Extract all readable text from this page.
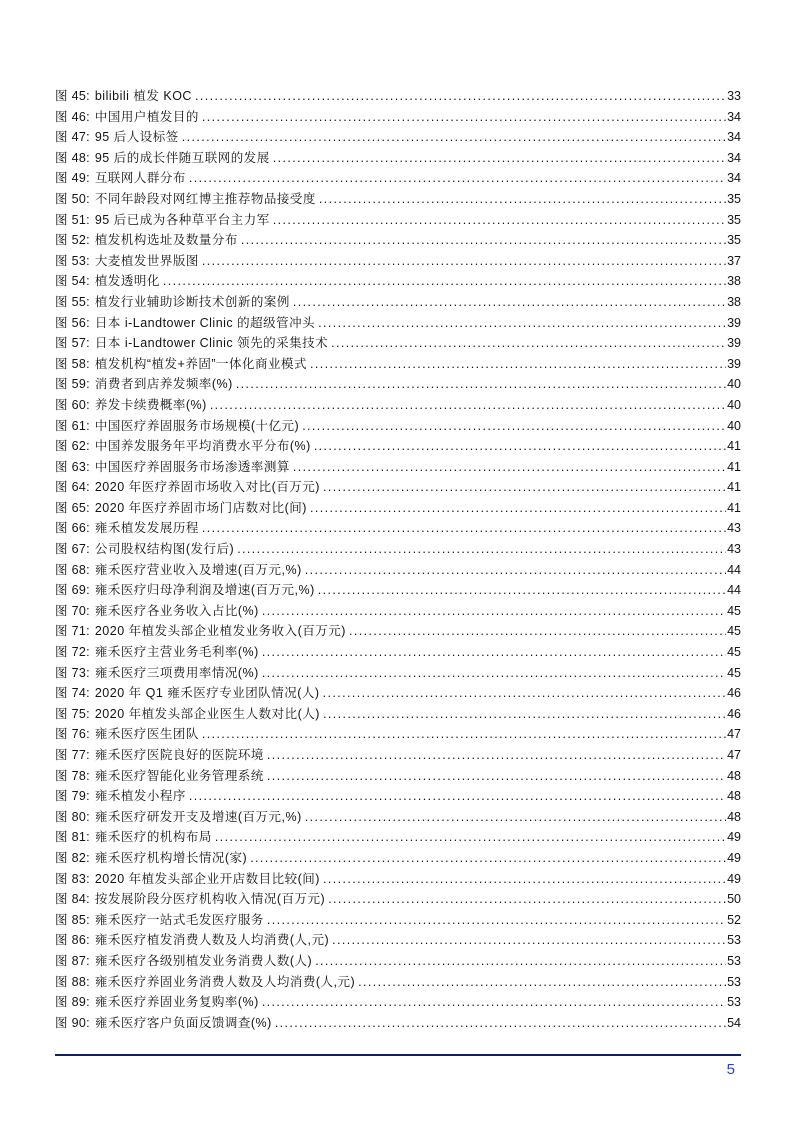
图 45: bilibili 植发 KOC .....	33
图 46: 中国用户植发目的 .....	34
图 47: 95 后人设标签 .....	34
图 48: 95 后的成长伴随互联网的发展 .....	34
图 49: 互联网人群分布 .....	34
图 50: 不同年龄段对网红博主推荐物品接受度 .....	35
图 51: 95 后已成为各种草平台主力军 .....	35
图 52: 植发机构选址及数量分布 .....	35
图 53: 大麦植发世界版图 .....	37
图 54: 植发透明化 .....	38
图 55: 植发行业辅助诊断技术创新的案例 .....	38
图 56: 日本 i-Landtower Clinic 的超级管冲头 .....	39
图 57: 日本 i-Landtower Clinic 领先的采集技术 .....	39
图 58: 植发机构“植发+养固”一体化商业模式 .....	39
图 59: 消费者到店养发频率(%) .....	40
图 60: 养发卡续费概率(%) .....	40
图 61: 中国医疗养固服务市场规模(十亿元) .....	40
图 62: 中国养发服务年平均消费水平分布(%) .....	41
图 63: 中国医疗养固服务市场渗透率测算 .....	41
图 64: 2020 年医疗养固市场收入对比(百万元) .....	41
图 65: 2020 年医疗养固市场门店数对比(间) .....	41
图 66: 雍禾植发发展历程 .....	43
图 67: 公司股权结构图(发行后) .....	43
图 68: 雍禾医疗营业收入及增速(百万元,%) .....	44
图 69: 雍禾医疗归母净利润及增速(百万元,%) .....	44
图 70: 雍禾医疗各业务收入占比(%) .....	45
图 71: 2020 年植发头部企业植发业务收入(百万元) .....	45
图 72: 雍禾医疗主营业务毛利率(%) .....	45
图 73: 雍禾医疗三项费用率情况(%) .....	45
图 74: 2020 年 Q1 雍禾医疗专业团队情况(人) .....	46
图 75: 2020 年植发头部企业医生人数对比(人) .....	46
图 76: 雍禾医疗医生团队 .....	47
图 77: 雍禾医疗医院良好的医院环境 .....	47
图 78: 雍禾医疗智能化业务管理系统 .....	48
图 79: 雍禾植发小程序 .....	48
图 80: 雍禾医疗研发开支及增速(百万元,%) .....	48
图 81: 雍禾医疗的机构布局 .....	49
图 82: 雍禾医疗机构增长情况(家) .....	49
图 83: 2020 年植发头部企业开店数目比较(间) .....	49
图 84: 按发展阶段分医疗机构收入情况(百万元) .....	50
图 85: 雍禾医疗一站式毛发医疗服务 .....	52
图 86: 雍禾医疗植发消费人数及人均消费(人,元) .....	53
图 87: 雍禾医疗各级别植发业务消费人数(人) .....	53
图 88: 雍禾医疗养固业务消费人数及人均消费(人,元) .....	53
图 89: 雍禾医疗养固业务复购率(%) .....	53
图 90: 雍禾医疗客户负面反馈调查(%) .....	54
5
